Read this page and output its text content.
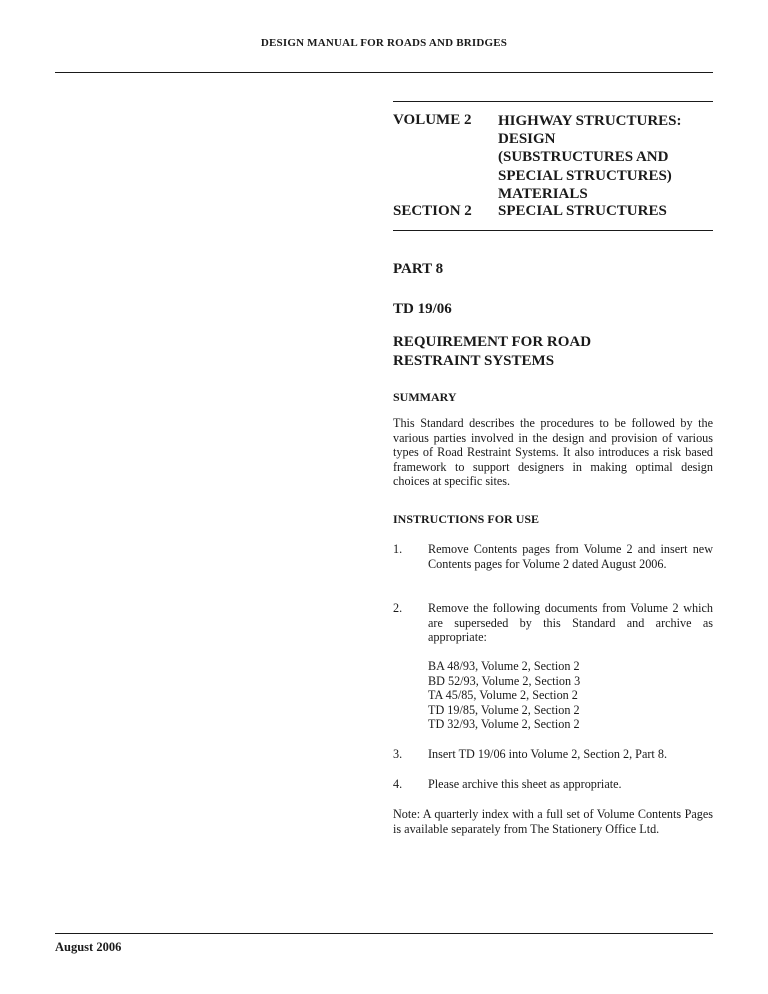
DESIGN MANUAL FOR ROADS AND BRIDGES
VOLUME 2 HIGHWAY STRUCTURES:
DESIGN
(SUBSTRUCTURES AND
SPECIAL STRUCTURES)
MATERIALS
SECTION 2 SPECIAL STRUCTURES
PART 8
TD 19/06
REQUIREMENT FOR ROAD
RESTRAINT SYSTEMS
SUMMARY
This Standard describes the procedures to be followed by the various parties involved in the design and provision of various types of Road Restraint Systems. It also introduces a risk based framework to support designers in making optimal design choices at specific sites.
INSTRUCTIONS FOR USE
1. Remove Contents pages from Volume 2 and insert new Contents pages for Volume 2 dated August 2006.
2. Remove the following documents from Volume 2 which are superseded by this Standard and archive as appropriate:
BA 48/93, Volume 2, Section 2
BD 52/93, Volume 2, Section 3
TA 45/85, Volume 2, Section 2
TD 19/85, Volume 2, Section 2
TD 32/93, Volume 2, Section 2
3. Insert TD 19/06 into Volume 2, Section 2, Part 8.
4. Please archive this sheet as appropriate.
Note: A quarterly index with a full set of Volume Contents Pages is available separately from The Stationery Office Ltd.
August 2006
